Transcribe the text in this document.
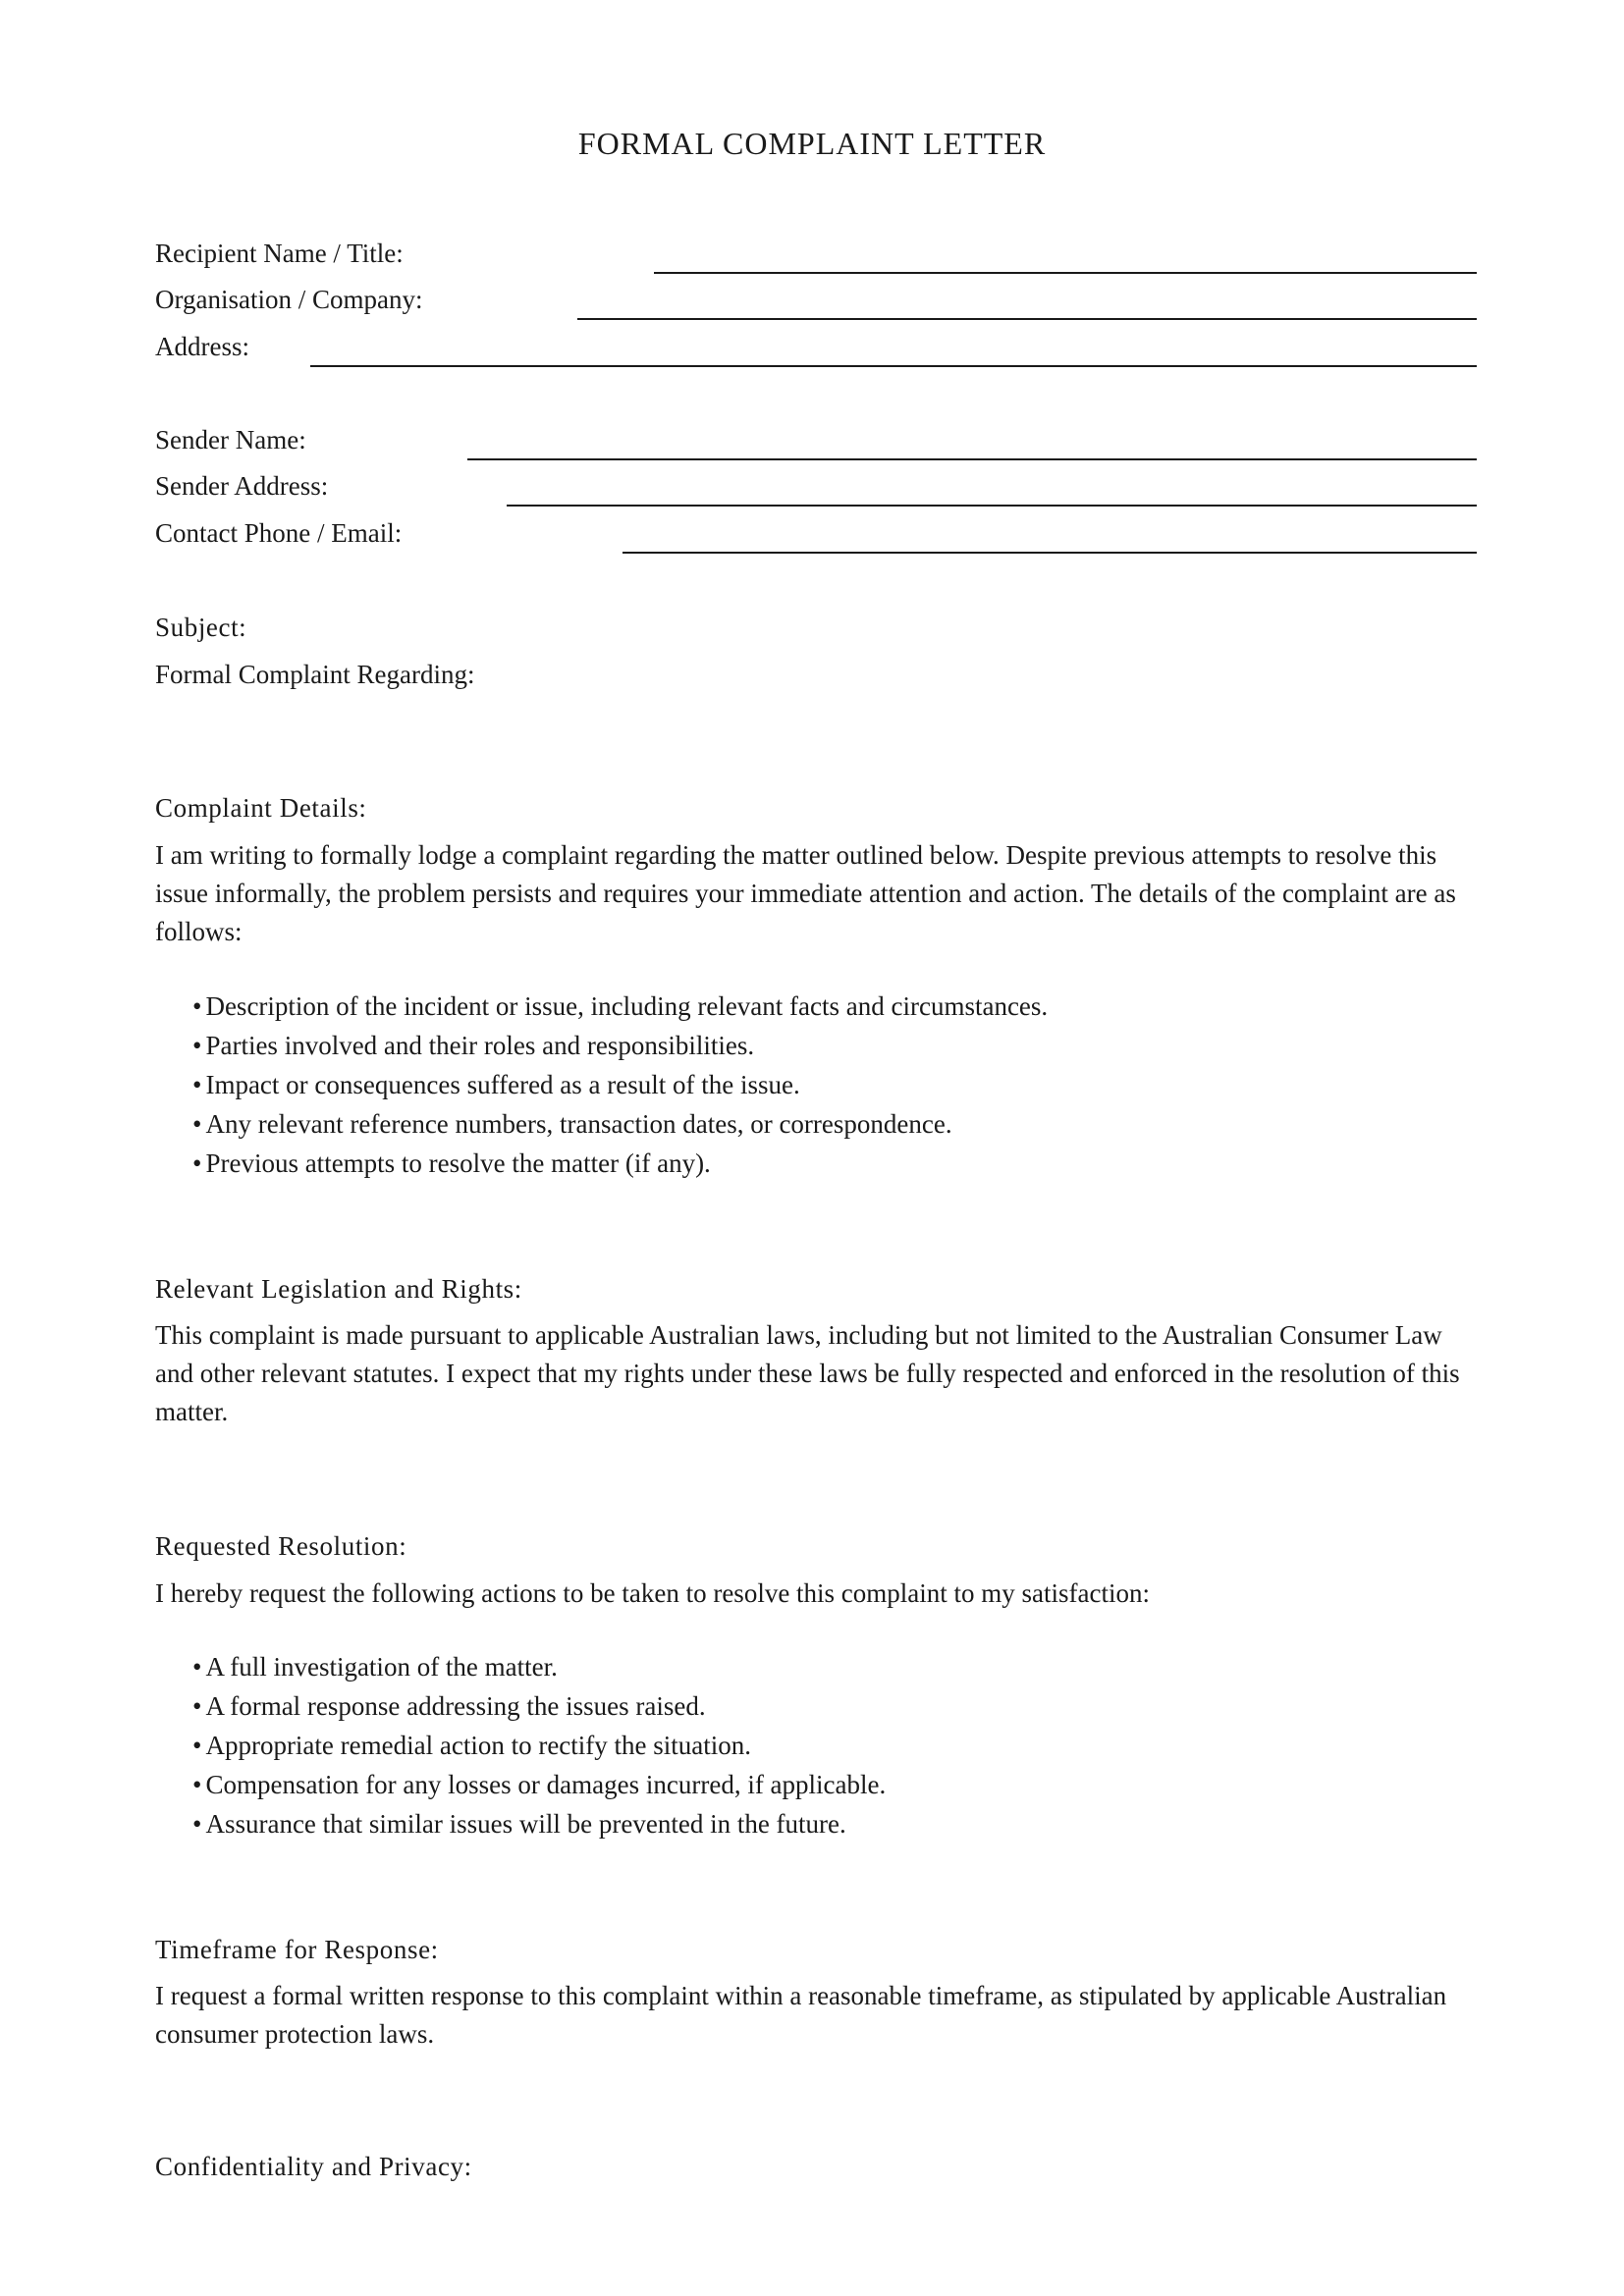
FORMAL COMPLAINT LETTER
Recipient Name / Title:
Organisation / Company:
Address:
Sender Name:
Sender Address:
Contact Phone / Email:
Subject:
Formal Complaint Regarding:
Complaint Details:

I am writing to formally lodge a complaint regarding the matter outlined below. Despite previous attempts to resolve this issue informally, the problem persists and requires your immediate attention and action. The details of the complaint are as follows:

• Description of the incident or issue, including relevant facts and circumstances.
• Parties involved and their roles and responsibilities.
• Impact or consequences suffered as a result of the issue.
• Any relevant reference numbers, transaction dates, or correspondence.
• Previous attempts to resolve the matter (if any).
Relevant Legislation and Rights:

This complaint is made pursuant to applicable Australian laws, including but not limited to the Australian Consumer Law and other relevant statutes. I expect that my rights under these laws be fully respected and enforced in the resolution of this matter.

Requested Resolution:

I hereby request the following actions to be taken to resolve this complaint to my satisfaction:

• A full investigation of the matter.
• A formal response addressing the issues raised.
• Appropriate remedial action to rectify the situation.
• Compensation for any losses or damages incurred, if applicable.
• Assurance that similar issues will be prevented in the future.
Timeframe for Response:

I request a formal written response to this complaint within a reasonable timeframe, as stipulated by applicable Australian consumer protection laws.

Confidentiality and Privacy:
